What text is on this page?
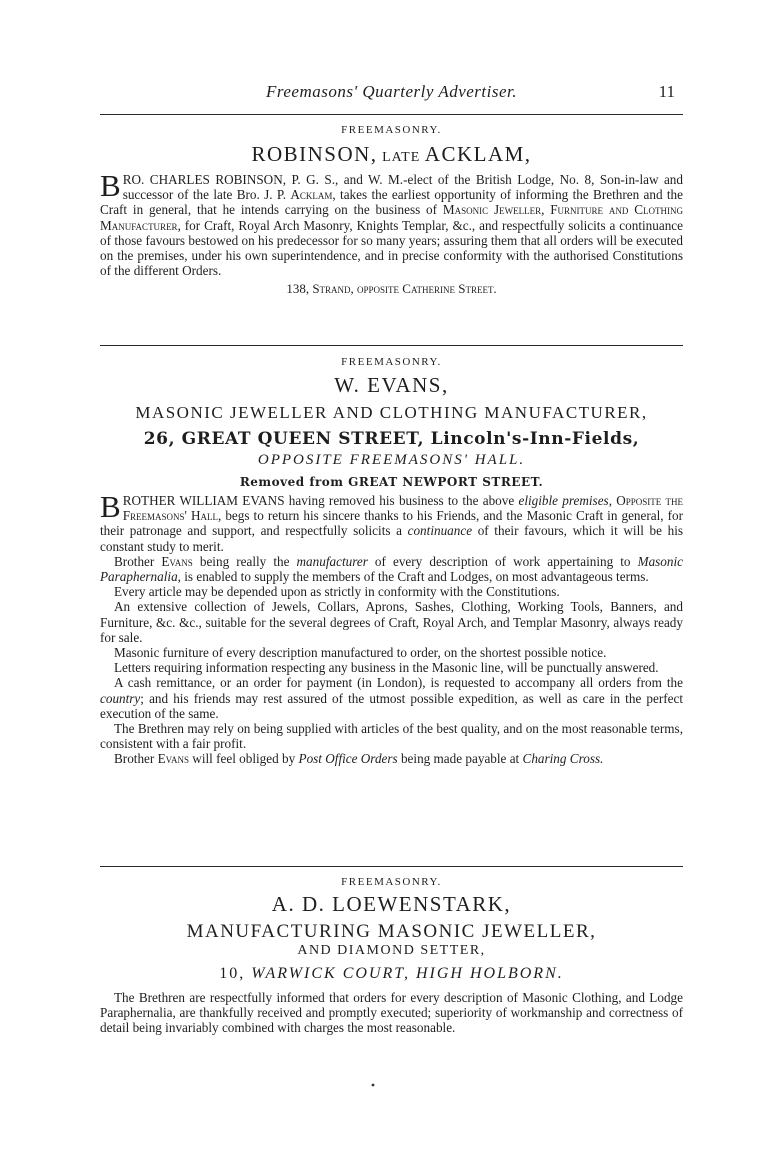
Freemasons' Quarterly Advertiser.	11
FREEMASONRY.
ROBINSON, LATE ACKLAM,

BRO. CHARLES ROBINSON, P. G. S., and W. M.-elect of the British Lodge, No. 8, Son-in-law and successor of the late Bro. J. P. Acklam, takes the earliest opportunity of informing the Brethren and the Craft in general, that he intends carrying on the business of Masonic Jeweller, Furniture and Clothing Manufacturer, for Craft, Royal Arch Masonry, Knights Templar, &c., and respectfully solicits a continuance of those favours bestowed on his predecessor for so many years; assuring them that all orders will be executed on the premises, under his own superintendence, and in precise conformity with the authorised Constitutions of the different Orders.

138, Strand, opposite Catherine Street.
FREEMASONRY.
W. EVANS,
MASONIC JEWELLER AND CLOTHING MANUFACTURER,
26, GREAT QUEEN STREET, Lincoln's-Inn-Fields,
OPPOSITE FREEMASONS' HALL.
Removed from GREAT NEWPORT STREET.

BROTHER WILLIAM EVANS having removed his business to the above eligible premises, Opposite the Freemasons' Hall, begs to return his sincere thanks to his Friends, and the Masonic Craft in general, for their patronage and support, and respectfully solicits a continuance of their favours, which it will be his constant study to merit.

Brother Evans being really the manufacturer of every description of work appertaining to Masonic Paraphernalia, is enabled to supply the members of the Craft and Lodges, on most advantageous terms.

Every article may be depended upon as strictly in conformity with the Constitutions.

An extensive collection of Jewels, Collars, Aprons, Sashes, Clothing, Working Tools, Banners, and Furniture, &c. &c., suitable for the several degrees of Craft, Royal Arch, and Templar Masonry, always ready for sale.

Masonic furniture of every description manufactured to order, on the shortest possible notice.

Letters requiring information respecting any business in the Masonic line, will be punctually answered.

A cash remittance, or an order for payment (in London), is requested to accompany all orders from the country; and his friends may rest assured of the utmost possible expedition, as well as care in the perfect execution of the same.

The Brethren may rely on being supplied with articles of the best quality, and on the most reasonable terms, consistent with a fair profit.

Brother Evans will feel obliged by Post Office Orders being made payable at Charing Cross.

FREEMASONRY.
A. D. LOEWENSTARK,
MANUFACTURING MASONIC JEWELLER,
AND DIAMOND SETTER,
10, WARWICK COURT, HIGH HOLBORN.

The Brethren are respectfully informed that orders for every description of Masonic Clothing, and Lodge Paraphernalia, are thankfully received and promptly executed; superiority of workmanship and correctness of detail being invariably combined with charges the most reasonable.
